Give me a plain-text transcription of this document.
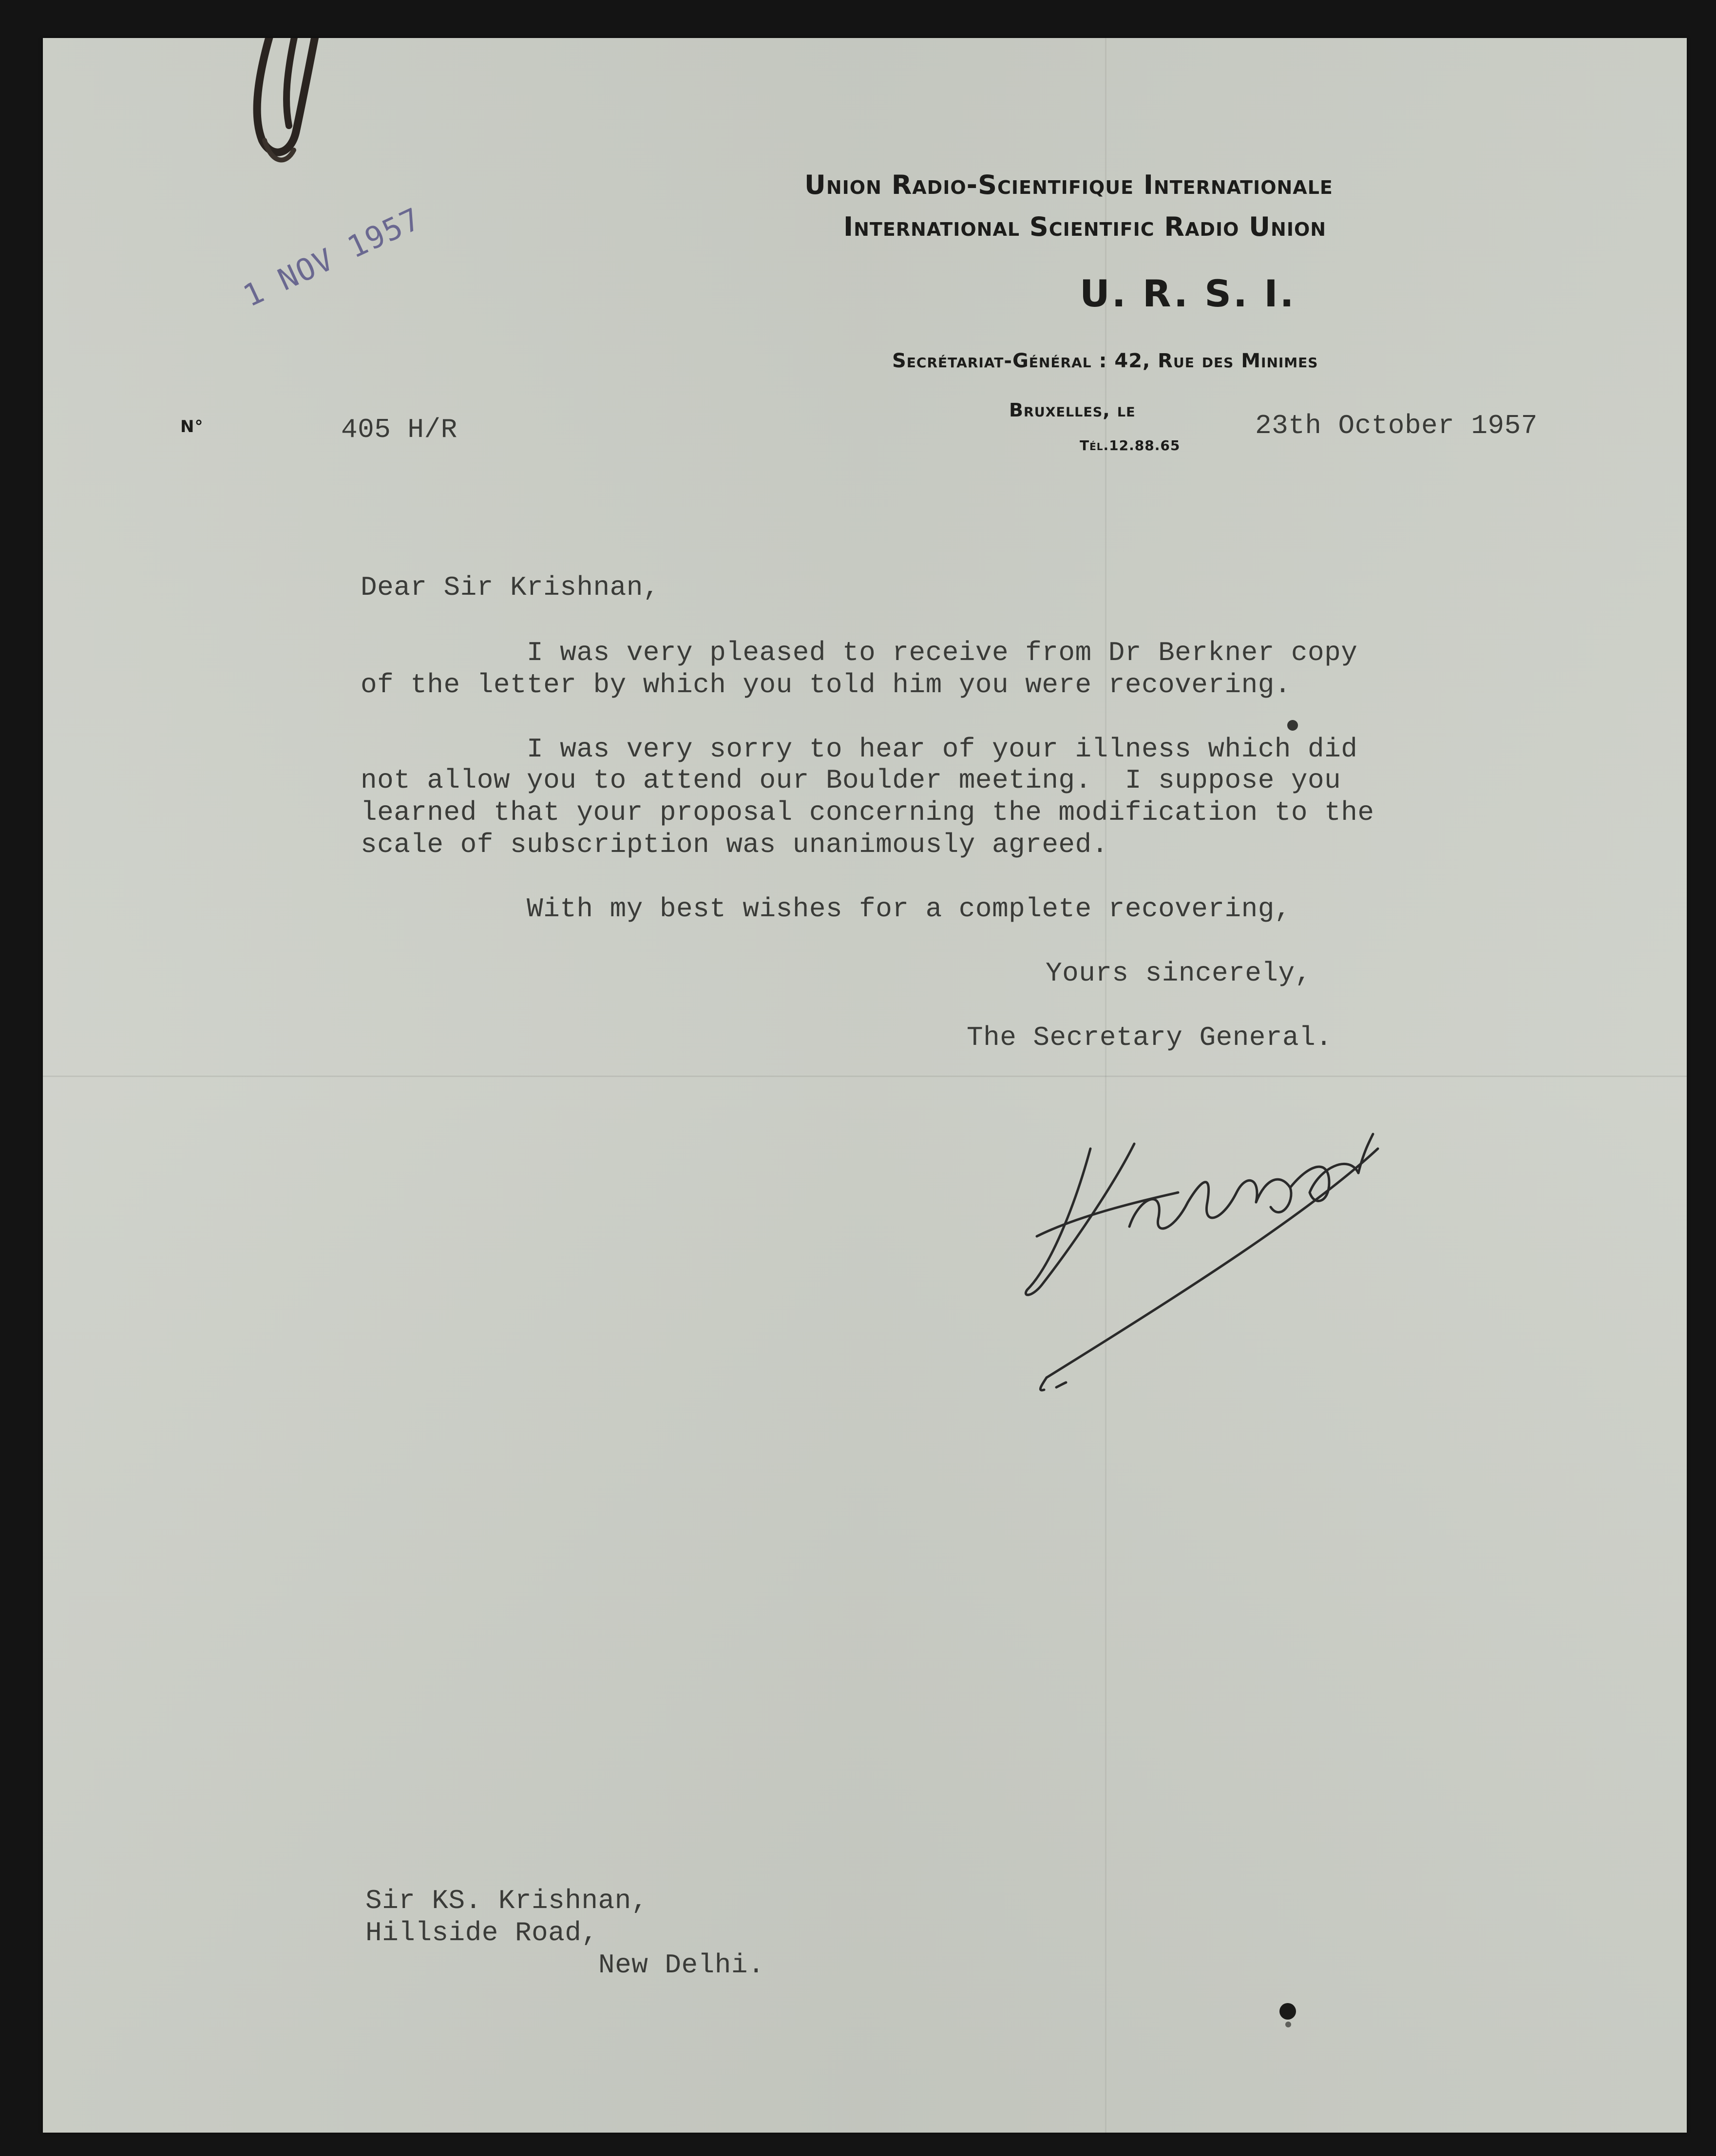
1 NOV 1957
Union Radio-Scientifique Internationale
International Scientific Radio Union
U. R. S. I.
Secrétariat-Général : 42, Rue des Minimes
Bruxelles, le
Tél.12.88.65
N°	405 H/R	23th October 1957
Dear Sir Krishnan,
I was very pleased to receive from Dr Berkner copy
of the letter by which you told him you were recovering.
I was very sorry to hear of your illness which did
not allow you to attend our Boulder meeting.  I suppose you
learned that your proposal concerning the modification to the
scale of subscription was unanimously agreed.
With my best wishes for a complete recovering,
Yours sincerely,
The Secretary General.
Sir KS. Krishnan,
Hillside Road,
New Delhi.
